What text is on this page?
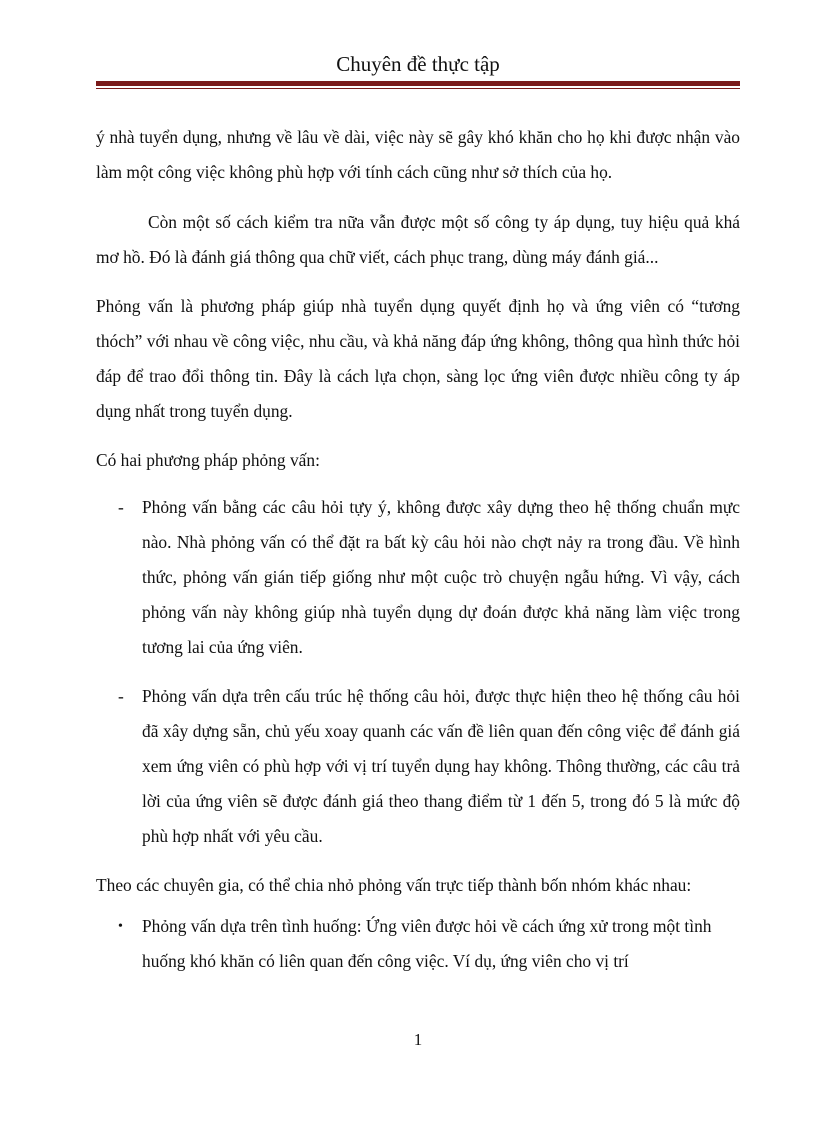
Chuyên đề thực tập

ý nhà tuyển dụng, nhưng về lâu về dài, việc này sẽ gây khó khăn cho họ khi được nhận vào làm một công việc không phù hợp với tính cách cũng như sở thích của họ.

Còn một số cách kiểm tra nữa vẫn được một số công ty áp dụng, tuy hiệu quả khá mơ hồ. Đó là đánh giá thông qua chữ viết, cách phục trang, dùng máy đánh giá...

Phỏng vấn là phương pháp giúp nhà tuyển dụng quyết định họ và ứng viên có “tương thóch” với nhau về công việc, nhu cầu, và khả năng đáp ứng không, thông qua hình thức hỏi đáp để trao đổi thông tin. Đây là cách lựa chọn, sàng lọc ứng viên được nhiều công ty áp dụng nhất trong tuyển dụng.

Có hai phương pháp phỏng vấn:

- Phỏng vấn bằng các câu hỏi tựy ý, không được xây dựng theo hệ thống chuẩn mực nào. Nhà phỏng vấn có thể đặt ra bất kỳ câu hỏi nào chợt nảy ra trong đầu. Về hình thức, phỏng vấn gián tiếp giống như một cuộc trò chuyện ngẫu hứng. Vì vậy, cách phỏng vấn này không giúp nhà tuyển dụng dự đoán được khả năng làm việc trong tương lai của ứng viên.
- Phỏng vấn dựa trên cấu trúc hệ thống câu hỏi, được thực hiện theo hệ thống câu hỏi đã xây dựng sẵn, chủ yếu xoay quanh các vấn đề liên quan đến công việc để đánh giá xem ứng viên có phù hợp với vị trí tuyển dụng hay không. Thông thường, các câu trả lời của ứng viên sẽ được đánh giá theo thang điểm từ 1 đến 5, trong đó 5 là mức độ phù hợp nhất với yêu cầu.

Theo các chuyên gia, có thể chia nhỏ phỏng vấn trực tiếp thành bốn nhóm khác nhau:

• Phỏng vấn dựa trên tình huống: Ứng viên được hỏi về cách ứng xử trong một tình huống khó khăn có liên quan đến công việc. Ví dụ, ứng viên cho vị trí
1
